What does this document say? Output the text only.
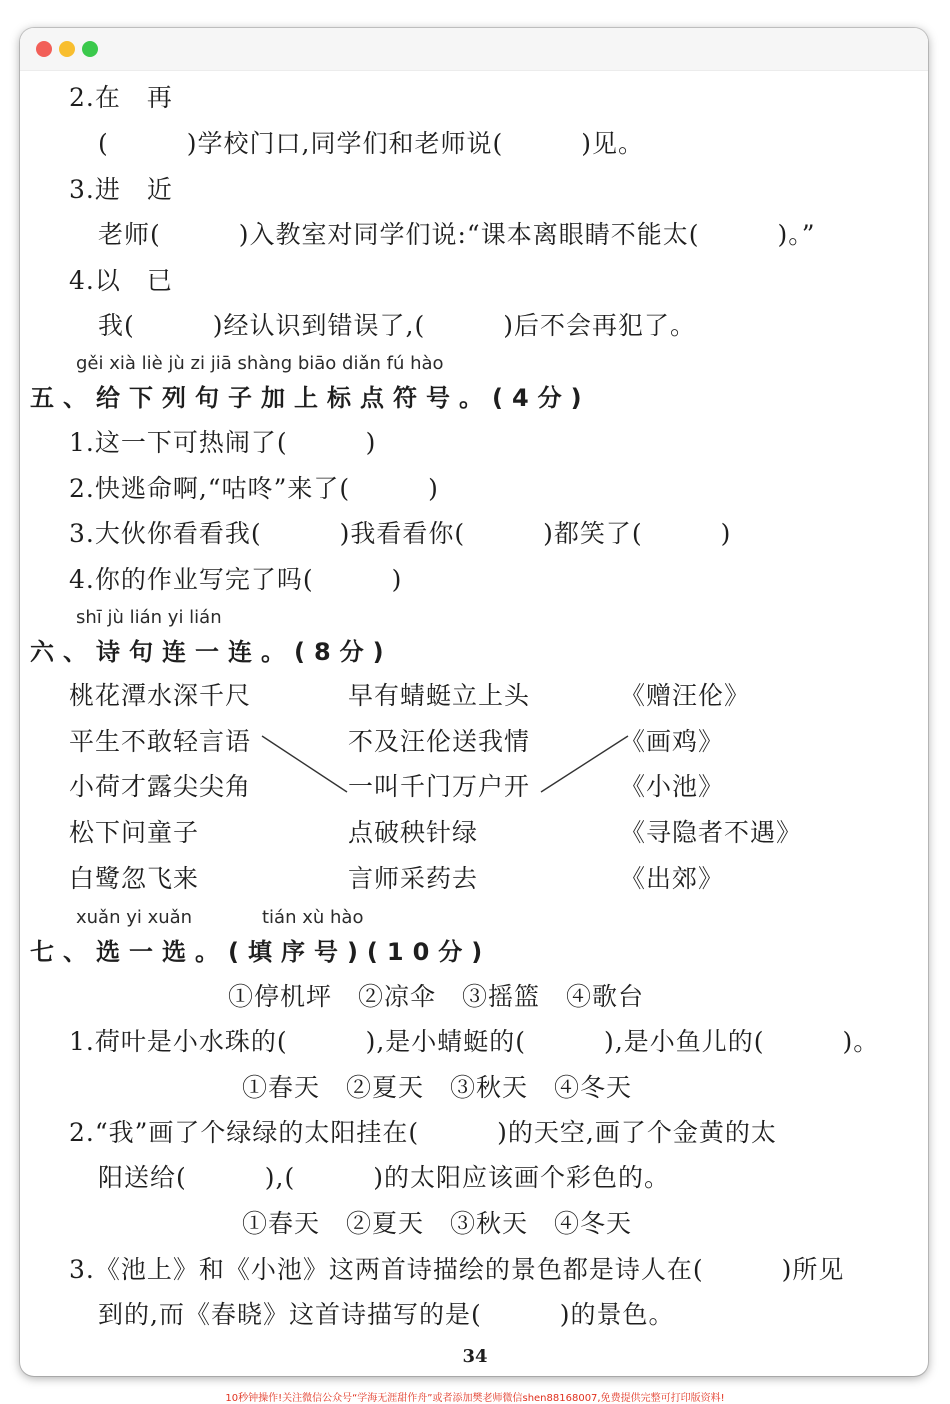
2.在　再
(　　　)学校门口,同学们和老师说(　　　)见。
3.进　近
老师(　　　)入教室对同学们说:“课本离眼睛不能太(　　　)。”
4.以　已
我(　　　)经认识到错误了,(　　　)后不会再犯了。
gěi xià liè jù zi jiā shàng biāo diǎn fú hào
五、给下列句子加上标点符号。(4分)
1.这一下可热闹了(　　　)
2.快逃命啊,“咕咚”来了(　　　)
3.大伙你看看我(　　　)我看看你(　　　)都笑了(　　　)
4.你的作业写完了吗(　　　)
shī jù lián yi lián
六、诗句连一连。(8分)
桃花潭水深千尺
平生不敢轻言语
小荷才露尖尖角
松下问童子
白鹭忽飞来
早有蜻蜓立上头
不及汪伦送我情
一叫千门万户开
点破秧针绿
言师采药去
《赠汪伦》
《画鸡》
《小池》
《寻隐者不遇》
《出郊》
xuǎn yi xuǎn	tián xù hào
七、选一选。(填序号)(10分)
①停机坪　②凉伞　③摇篮　④歌台
1.荷叶是小水珠的(　　　),是小蜻蜓的(　　　),是小鱼儿的(　　　)。
①春天　②夏天　③秋天　④冬天
2.“我”画了个绿绿的太阳挂在(　　　)的天空,画了个金黄的太
阳送给(　　　),(　　　)的太阳应该画个彩色的。
①春天　②夏天　③秋天　④冬天
3.《池上》和《小池》这两首诗描绘的景色都是诗人在(　　　)所见
到的,而《春晓》这首诗描写的是(　　　)的景色。
34
10秒钟操作!关注微信公众号“学海无涯甜作舟”或者添加樊老师微信shen88168007,免费提供完整可打印版资料!
